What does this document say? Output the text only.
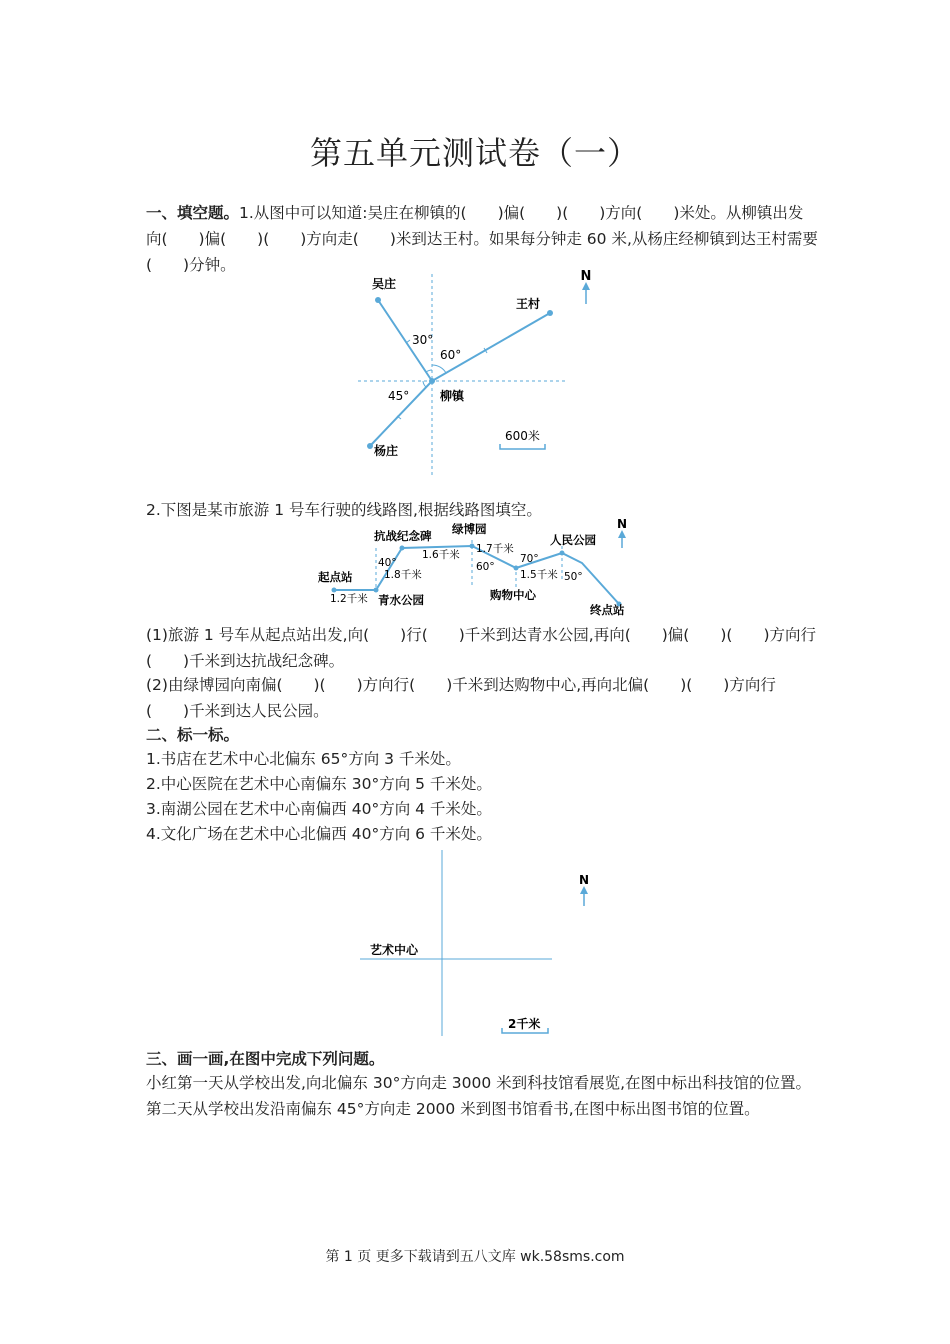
第五单元测试卷（一）

一、填空题。1.从图中可以知道:吴庄在柳镇的(　　)偏(　　)(　　)方向(　　)米处。从柳镇出发向(　　)偏(　　)(　　)方向走(　　)米到达王村。如果每分钟走 60 米,从杨庄经柳镇到达王村需要(　　)分钟。

N
吴庄
王村
柳镇
杨庄
30°
60°
45°
600米
2.下图是某市旅游 1 号车行驶的线路图,根据线路图填空。
N
起点站
青水公园
抗战纪念碑 绿博园
购物中心
人民公园
终点站
1.2千米
1.8千米
1.6千米 1.7千米
1.5千米
40°	60°
70°
50°

(1)旅游 1 号车从起点站出发,向(　　)行(　　)千米到达青水公园,再向(　　)偏(　　)(　　)方向行(　　)千米到达抗战纪念碑。

(2)由绿博园向南偏(　　)(　　)方向行(　　)千米到达购物中心,再向北偏(　　)(　　)方向行(　　)千米到达人民公园。

二、标一标。
1.书店在艺术中心北偏东 65°方向 3 千米处。
2.中心医院在艺术中心南偏东 30°方向 5 千米处。
3.南湖公园在艺术中心南偏西 40°方向 4 千米处。
4.文化广场在艺术中心北偏西 40°方向 6 千米处。
N
艺术中心
2千米
三、画一画,在图中完成下列问题。

小红第一天从学校出发,向北偏东 30°方向走 3000 米到科技馆看展览,在图中标出科技馆的位置。第二天从学校出发沿南偏东 45°方向走 2000 米到图书馆看书,在图中标出图书馆的位置。

第 1 页 更多下载请到五八文库 wk.58sms.com
